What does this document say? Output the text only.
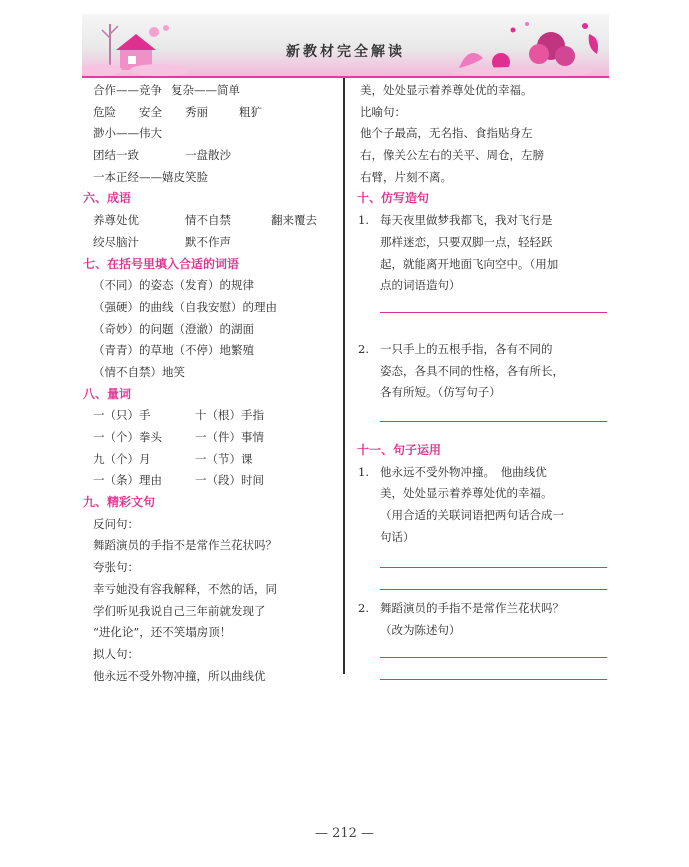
新教材完全解读
合作——竞争 复杂——简单
危险 安全 秀丽	粗犷
渺小——伟大
团结一致	一盘散沙
一本正经——嬉皮笑脸
六、成语
养尊处优	情不自禁	翻来覆去
绞尽脑汁	默不作声
七、在括号里填入合适的词语
（不同）的姿态（发育）的规律
（强硬）的曲线（自我安慰）的理由
（奇妙）的问题（澄澈）的湖面
（青青）的草地（不停）地繁殖
（情不自禁）地笑
八、量词
一（只）手	十（根）手指
一（个）拳头	一（件）事情
九（个）月	一（节）课
一（条）理由	一（段）时间
九、精彩文句
反问句：
舞蹈演员的手指不是常作兰花状吗？
夸张句：
幸亏她没有容我解释，不然的话，同
学们听见我说自己三年前就发现了
“进化论”，还不笑塌房顶！
拟人句：
他永远不受外物冲撞，所以曲线优
美，处处显示着养尊处优的幸福。
比喻句：
他个子最高，无名指、食指贴身左
右，像关公左右的关平、周仓，左膀
右臂，片刻不离。
十、仿写造句
1. 每天夜里做梦我都飞，我对飞行是
那样迷恋，只要双脚一点，轻轻跃
起，就能离开地面飞向空中。（用加
点的词语造句）
2. 一只手上的五根手指，各有不同的
姿态，各具不同的性格，各有所长，
各有所短。（仿写句子）
十一、句子运用
1. 他永远不受外物冲撞。　他曲线优
美，处处显示着养尊处优的幸福。
（用合适的关联词语把两句话合成一
句话）
2. 舞蹈演员的手指不是常作兰花状吗？
（改为陈述句）
— 212 —
